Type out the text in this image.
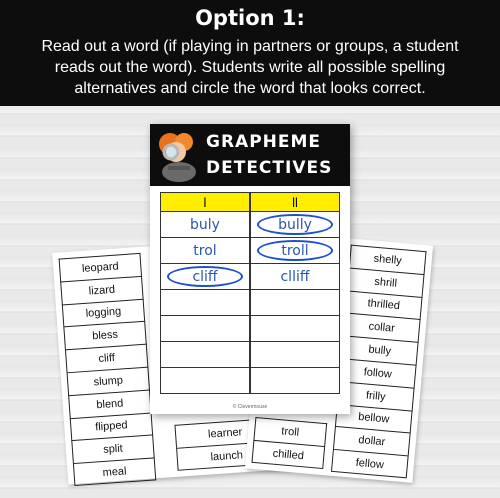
Option 1:
Read out a word (if playing in partners or groups, a student
reads out the word). Students write all possible spelling
alternatives and circle the word that looks correct.
leopard
lizard
logging
bless
cliff
slump
blend
flipped
split
meal
learner
launch
troll
chilled
shelly
shrill
thrilled
collar
bully
follow
frilly
bellow
dollar
fellow
GRAPHEME
DETECTIVES
l	ll
buly	bully
trol	troll
cliff	clliff
© Clevermouse
